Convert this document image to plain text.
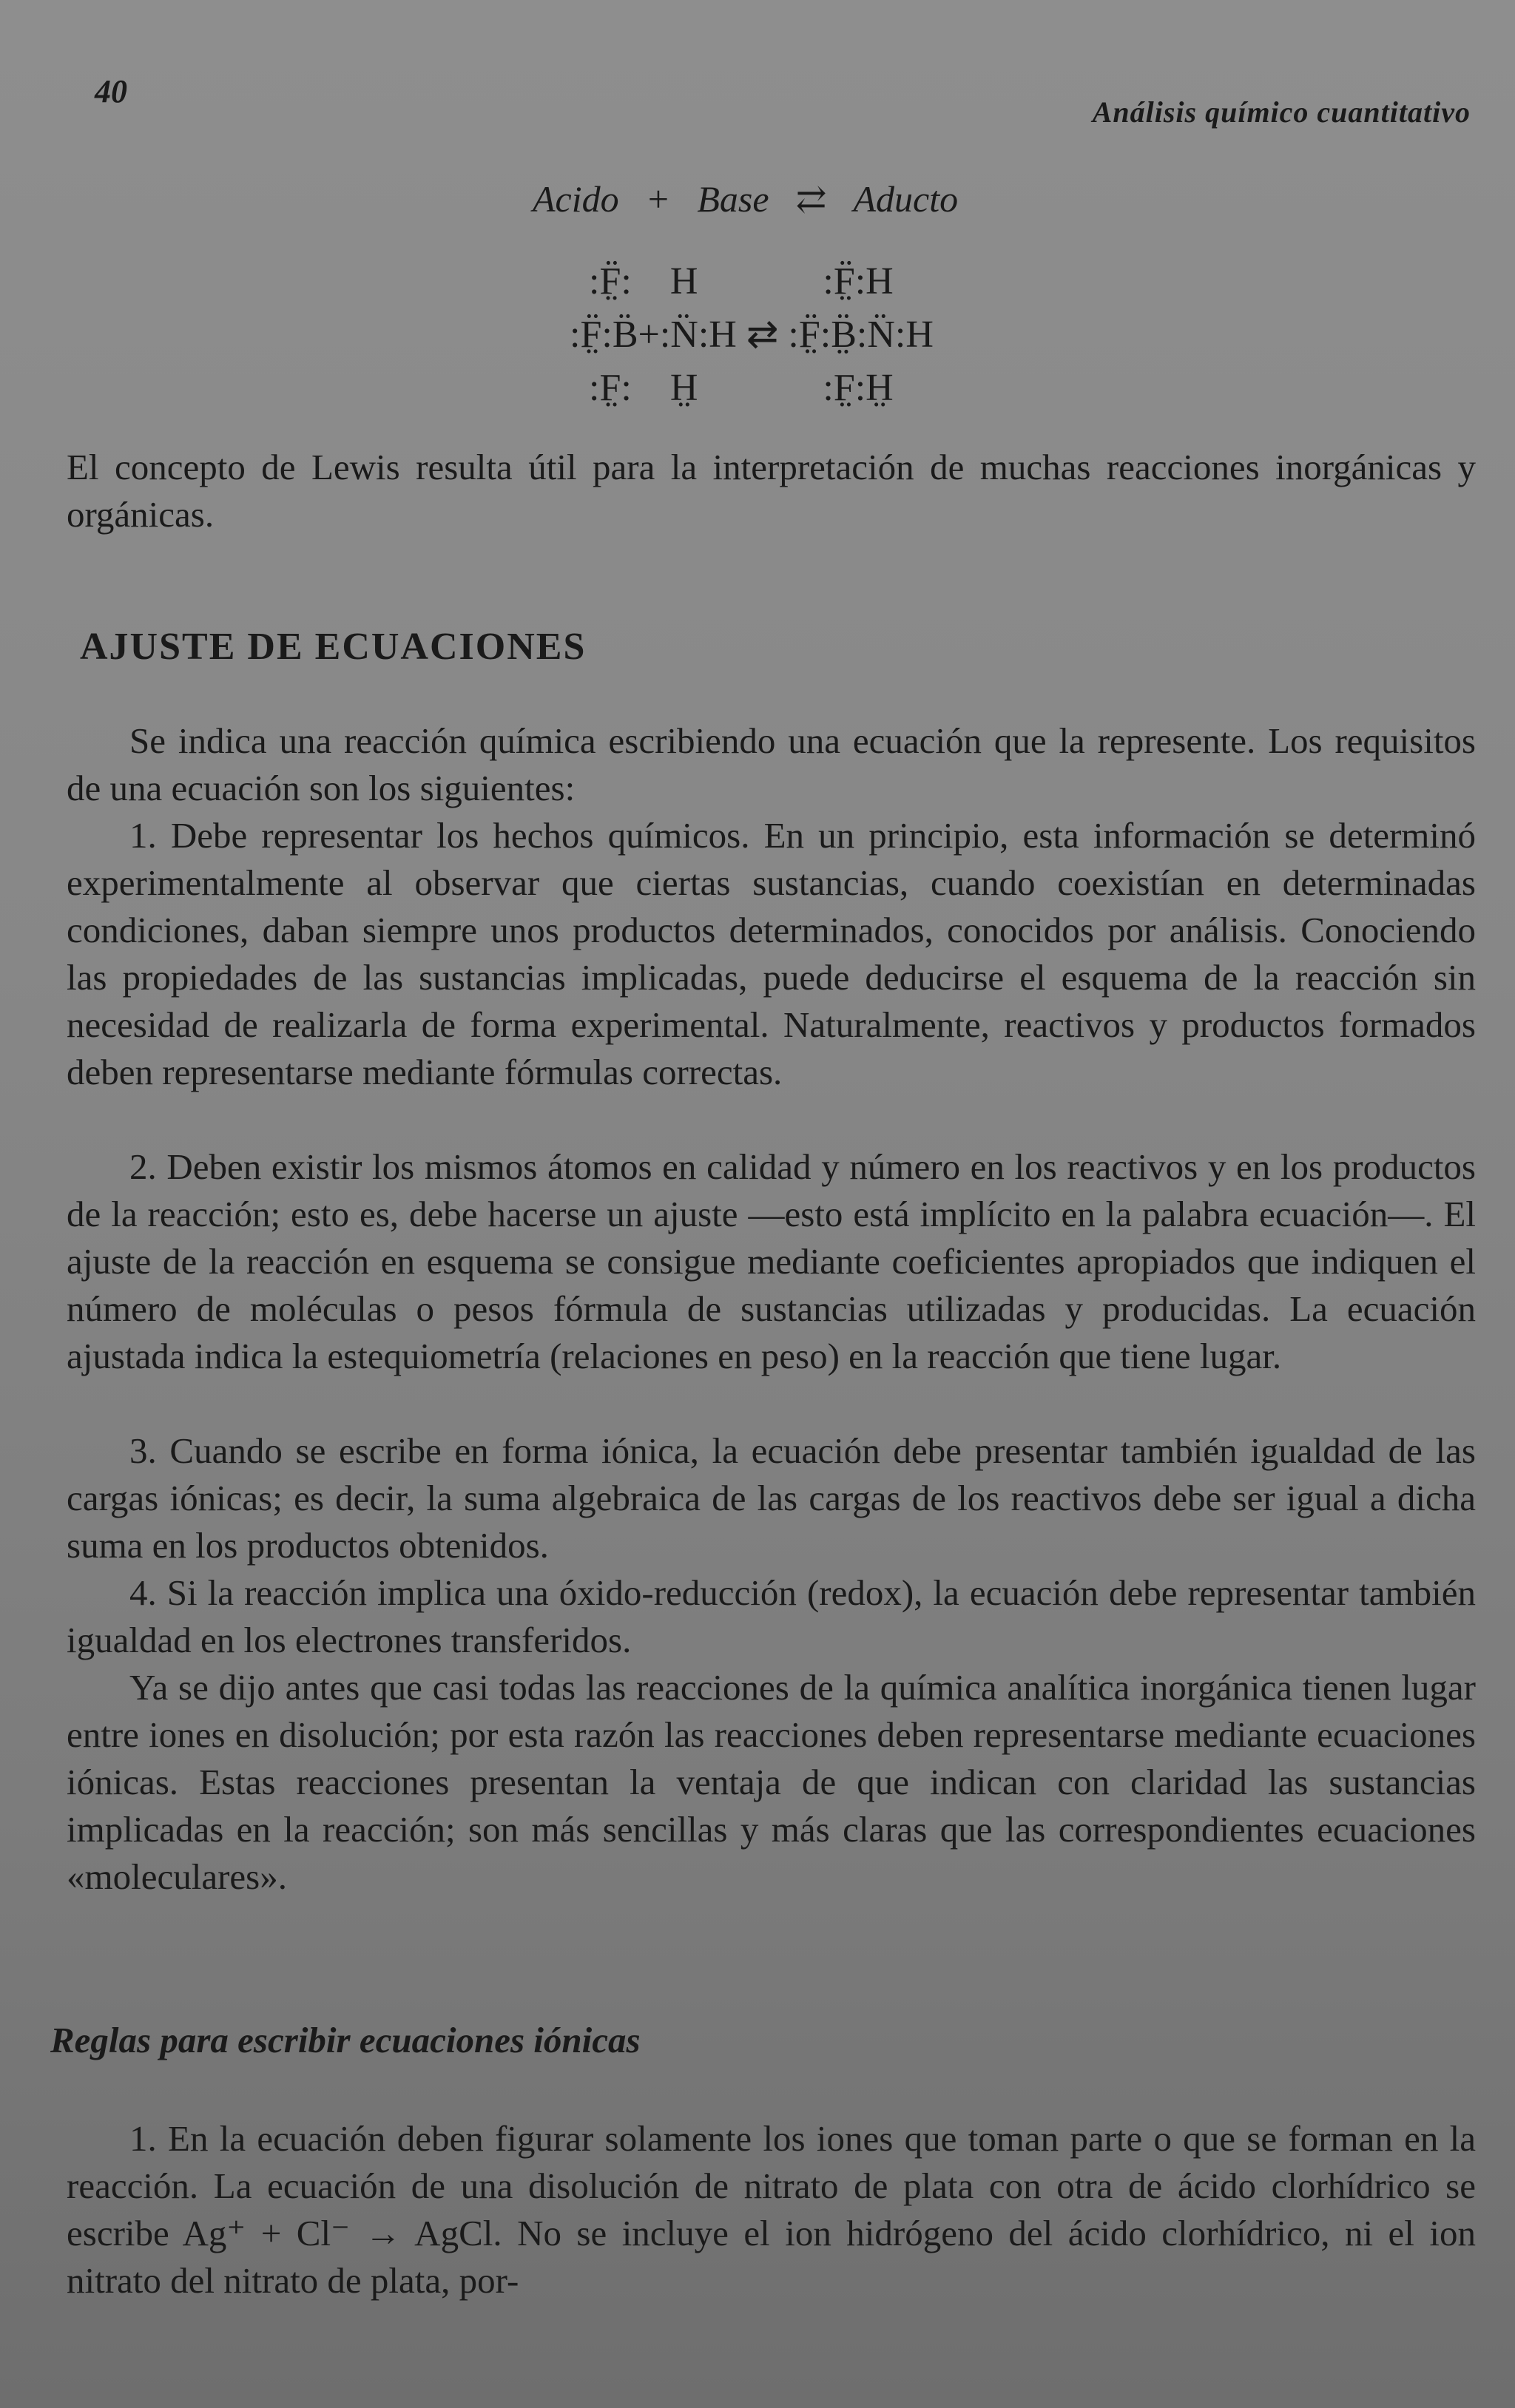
40
Análisis químico cuantitativo
Acido + Base ⇄ Aducto
:F̤̈:    H             :F̤̈:H
:F̤̈:B̈+:N̈:H ⇄ :F̤̈:B̤̈:N̈:H
:F̤:    H̤             :F̤:H̤
El concepto de Lewis resulta útil para la interpretación de muchas reacciones inorgánicas y orgánicas.
AJUSTE DE ECUACIONES
Se indica una reacción química escribiendo una ecuación que la represente. Los requisitos de una ecuación son los siguientes:
1. Debe representar los hechos químicos. En un principio, esta información se determinó experimentalmente al observar que ciertas sustancias, cuando coexistían en determinadas condiciones, daban siempre unos productos determinados, conocidos por análisis. Conociendo las propiedades de las sustancias implicadas, puede deducirse el esquema de la reacción sin necesidad de realizarla de forma experimental. Naturalmente, reactivos y productos formados deben representarse mediante fórmulas correctas.
2. Deben existir los mismos átomos en calidad y número en los reactivos y en los productos de la reacción; esto es, debe hacerse un ajuste —esto está implícito en la palabra ecuación—. El ajuste de la reacción en esquema se consigue mediante coeficientes apropiados que indiquen el número de moléculas o pesos fórmula de sustancias utilizadas y producidas. La ecuación ajustada indica la estequiometría (relaciones en peso) en la reacción que tiene lugar.
3. Cuando se escribe en forma iónica, la ecuación debe presentar también igualdad de las cargas iónicas; es decir, la suma algebraica de las cargas de los reactivos debe ser igual a dicha suma en los productos obtenidos.
4. Si la reacción implica una óxido-reducción (redox), la ecuación debe representar también igualdad en los electrones transferidos.
Ya se dijo antes que casi todas las reacciones de la química analítica inorgánica tienen lugar entre iones en disolución; por esta razón las reacciones deben representarse mediante ecuaciones iónicas. Estas reacciones presentan la ventaja de que indican con claridad las sustancias implicadas en la reacción; son más sencillas y más claras que las correspondientes ecuaciones «moleculares».
Reglas para escribir ecuaciones iónicas
1. En la ecuación deben figurar solamente los iones que toman parte o que se forman en la reacción. La ecuación de una disolución de nitrato de plata con otra de ácido clorhídrico se escribe Ag⁺ + Cl⁻ → AgCl. No se incluye el ion hidrógeno del ácido clorhídrico, ni el ion nitrato del nitrato de plata, por-
